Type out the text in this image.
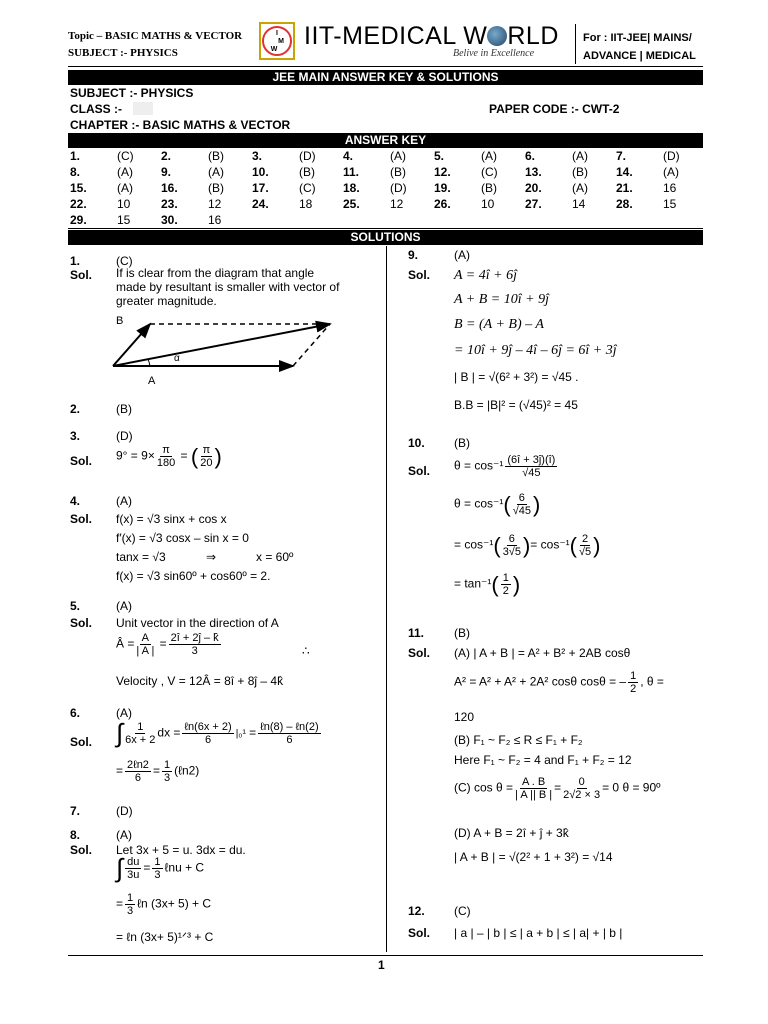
Topic – BASIC MATHS & VECTOR
SUBJECT :- PHYSICS
I
M
W IIT-MEDICAL W RLD
Belive in Excellence
For : IIT-JEE| MAINS/
ADVANCE | MEDICAL
JEE MAIN ANSWER KEY & SOLUTIONS
SUBJECT :- PHYSICS
CLASS :-
CHAPTER :- BASIC MATHS & VECTOR
PAPER CODE :- CWT-2
ANSWER KEY
1.	(C) 2.	(B) 3.	(D) 4.	(A) 5.	(A) 6.	(A) 7.	(D)
8.	(A) 9.	(A) 10.	(B) 11.	(B) 12.	(C) 13.	(B) 14.	(A)
15.	(A) 16.	(B) 17.	(C) 18.	(D) 19.	(B) 20.	(A) 21.	16
22.	10	23.	12	24.	18	25.	12	26.	10	27.	14	28.	15
29.	15	30.	16
SOLUTIONS
1.	(C)
Sol. If is clear from the diagram that angle
made by resultant is smaller with vector of
greater magnitude.
B
A
α
2.	(B)
3.	(D)
Sol. $9^\circ = 9\times \frac{\pi}{180}$ = ( $\frac{\pi}{20}$ )
4.	(A)
Sol. f(x) = √3 sinx + cos x
f′(x) = √3 cosx – sin x = 0
tanx = √3	⇒	x = 60º
f(x) = √3 sin60º + cos60º = 2.
5.	(A)
Sol. Unit vector in the direction of A
Â = $\frac{A}{| A |} = \frac{2î + 2ĵ - k̂}{3}$	∴
Velocity , V = 12Â = 8î + 8ĵ – 4k̂
6.	(A)
Sol. ∫ $\frac{1}{6x + 2}$ dx = $\frac{\text{ℓn(6x + 2)}}{6} |_0^1 = \frac{\text{ℓn(8) – ℓn(2)}}{6}$
= $\frac{\text{2ℓn2}}{6} = \frac{1}{3}$ (ℓn2)
7.	(D)
8.	(A)
Sol. Let 3x + 5 = u. 3dx = du.
∫ $\frac{du}{3u} = \frac{1}{3}$ ℓnu + C
= $\frac{1}{3}$ ℓn (3x+ 5) + C
= ℓn (3x+ 5)¹ᐟ³ + C
9.	(A)
Sol. A = 4î + 6ĵ
A + B = 10î + 9ĵ
B = (A + B) – A
= 10î + 9ĵ – 4î – 6ĵ = 6î + 3ĵ
| B | = √(6² + 3²) = √45 .
B.B = |B|² = (√45)² = 45
10. (B)
Sol. $\theta = \cos^{-1} \frac{(6î + 3ĵ)(î)}{√45}$
$\theta = \cos^{-1}( \frac{6}{√45}$ )
= $\cos^{-1}( \frac{6}{3√5}$ )= $\cos^{-1}( \frac{2}{√5}$ )
= $\tan^{-1}( \frac{1}{2}$ )
11. (B)
Sol. (A) | A + B | = A² + B² + 2AB cosθ
A² = A² + A² + 2A² cosθ cosθ = – $\frac{1}{2}$ , θ =
120
(B) F₁ ~ F₂ ≤ R ≤ F₁ + F₂
Here F₁ ~ F₂ = 4 and F₁ + F₂ = 12
(C) $\cos \theta = \frac{A . B}{| A || B |} = \frac{0}{2√2 \times 3} = 0$ θ = 90º
(D) A + B = 2î + ĵ + 3k̂
| A + B | = √(2² + 1 + 3²) = √14
12. (C)
Sol. | a | – | b | ≤ | a + b | ≤ | a| + | b |
1
